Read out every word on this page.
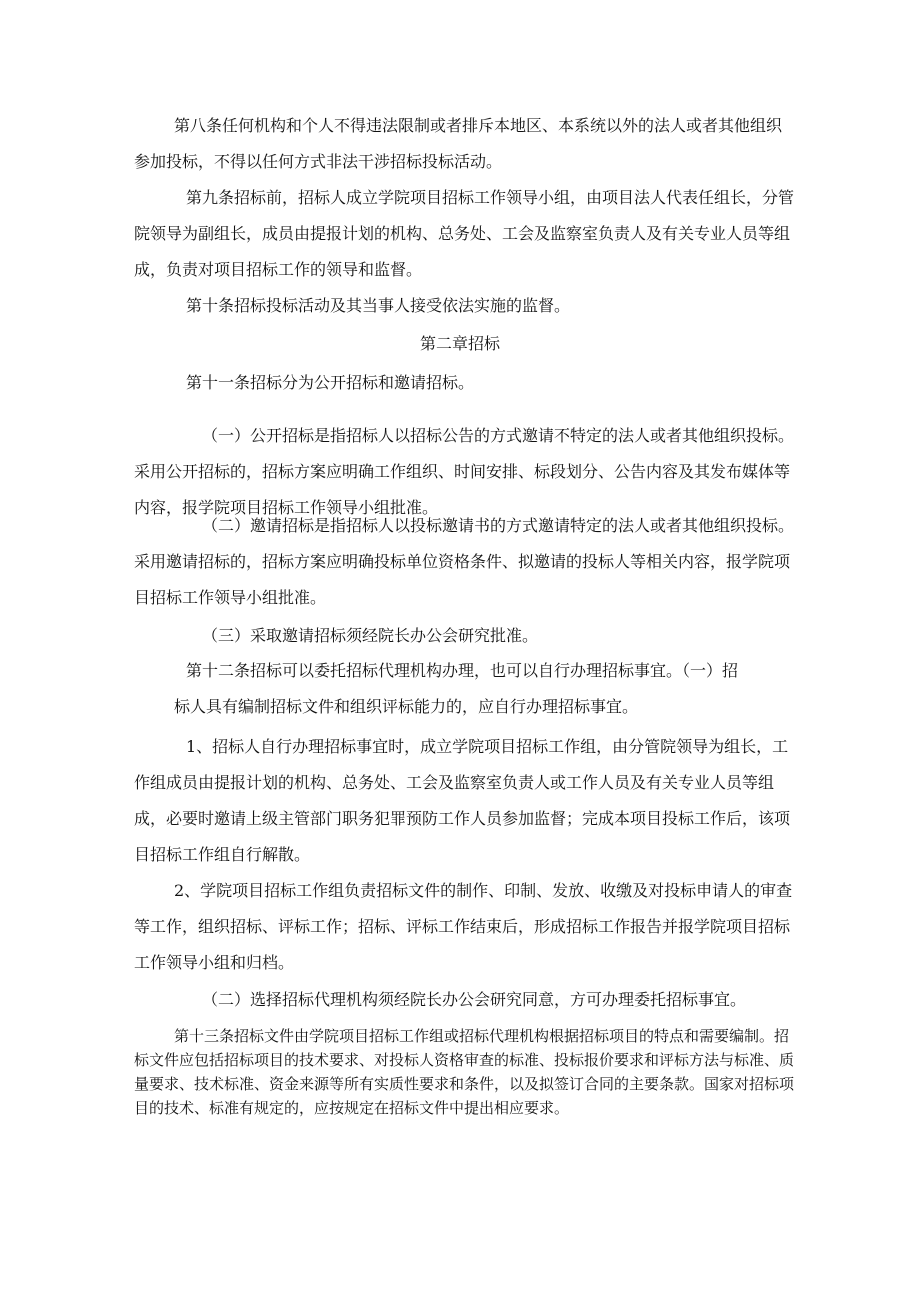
第八条任何机构和个人不得违法限制或者排斥本地区、本系统以外的法人或者其他组织参加投标，不得以任何方式非法干涉招标投标活动。

第九条招标前，招标人成立学院项目招标工作领导小组，由项目法人代表任组长，分管院领导为副组长，成员由提报计划的机构、总务处、工会及监察室负责人及有关专业人员等组成，负责对项目招标工作的领导和监督。

第十条招标投标活动及其当事人接受依法实施的监督。

第二章招标

第十一条招标分为公开招标和邀请招标。

（一）公开招标是指招标人以招标公告的方式邀请不特定的法人或者其他组织投标。采用公开招标的，招标方案应明确工作组织、时间安排、标段划分、公告内容及其发布媒体等内容，报学院项目招标工作领导小组批准。

（二）邀请招标是指招标人以投标邀请书的方式邀请特定的法人或者其他组织投标。采用邀请招标的，招标方案应明确投标单位资格条件、拟邀请的投标人等相关内容，报学院项目招标工作领导小组批准。

（三）采取邀请招标须经院长办公会研究批准。

第十二条招标可以委托招标代理机构办理，也可以自行办理招标事宜。（一）招

标人具有编制招标文件和组织评标能力的，应自行办理招标事宜。

1、招标人自行办理招标事宜时，成立学院项目招标工作组，由分管院领导为组长，工作组成员由提报计划的机构、总务处、工会及监察室负责人或工作人员及有关专业人员等组成，必要时邀请上级主管部门职务犯罪预防工作人员参加监督；完成本项目投标工作后，该项目招标工作组自行解散。

2、学院项目招标工作组负责招标文件的制作、印制、发放、收缴及对投标申请人的审查等工作，组织招标、评标工作；招标、评标工作结束后，形成招标工作报告并报学院项目招标工作领导小组和归档。

（二）选择招标代理机构须经院长办公会研究同意，方可办理委托招标事宜。

第十三条招标文件由学院项目招标工作组或招标代理机构根据招标项目的特点和需要编制。招标文件应包括招标项目的技术要求、对投标人资格审查的标准、投标报价要求和评标方法与标准、质量要求、技术标准、资金来源等所有实质性要求和条件，以及拟签订合同的主要条款。国家对招标项目的技术、标准有规定的，应按规定在招标文件中提出相应要求。
